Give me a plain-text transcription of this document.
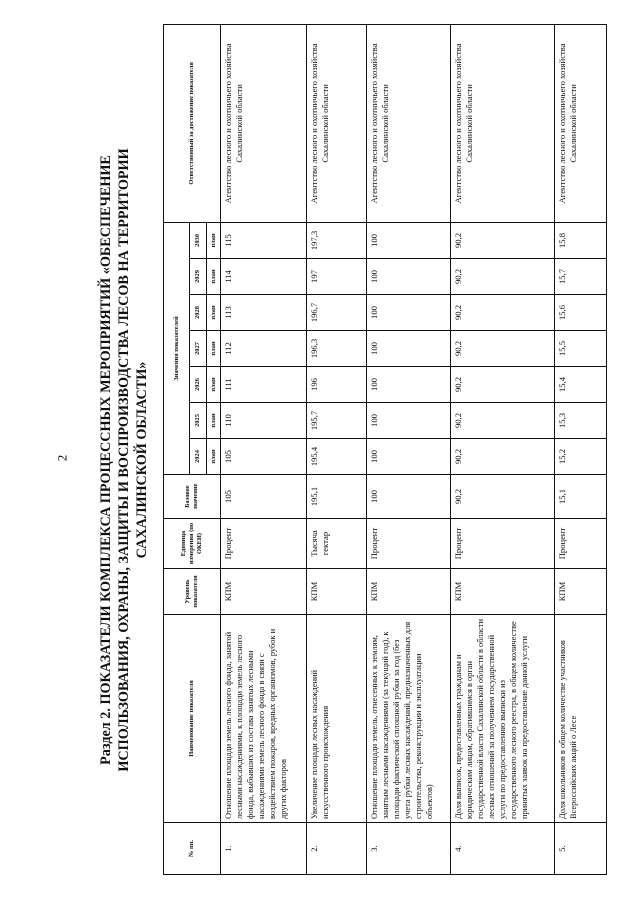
2 Раздел 2. ПОКАЗАТЕЛИ КОМПЛЕКСА ПРОЦЕССНЫХ МЕРОПРИЯТИЙ «ОБЕСПЕЧЕНИЕ ИСПОЛЬЗОВАНИЯ, ОХРАНЫ, ЗАЩИТЫ И ВОСПРОИЗВОДСТВА ЛЕСОВ НА ТЕРРИТОРИИ САХАЛИНСКОЙ ОБЛАСТИ»
№ пп.	Наименование показателя	Уровень показателя	Единица измерения (по ОКЕИ)	Базовое значение	Значения показателей							Ответственный за достижение показателя
					2024	2025	2026	2027	2028	2029	2030	
					план	план	план	план	план	план	план	
1.	Отношение площади земель лесного фонда, занятой лесными насаждениями, к площади земель лесного фонда, выбывших из состава занятых лесными насаждениями земель лесного фонда в связи с воздействием пожаров, вредных организмов, рубок и других факторов	КПМ	Процент	105	105	110	111	112	113	114	115	Агентство лесного и охотничьего хозяйства Сахалинской области
2.	Увеличение площади лесных насаждений искусственного происхождения	КПМ	Тысяча гектар	195,1	195,4	195,7	196	196,3	196,7	197	197,3	Агентство лесного и охотничьего хозяйства Сахалинской области
3.	Отношение площади земель, отнесенных к землям, занятым лесными насаждениями (за текущий год), к площади фактической сплошной рубки за год (без учета рубки лесных насаждений, предназначенных для строительства, реконструкции и эксплуатации объектов)	КПМ	Процент	100	100	100	100	100	100	100	100	Агентство лесного и охотничьего хозяйства Сахалинской области
4.	Доля выписок, предоставленных гражданам и юридическим лицам, обратившимся в орган государственной власти Сахалинской области в области лесных отношений за получением государственной услуги по предоставлению выписки из государственного лесного реестра, в общем количестве принятых заявок на предоставление данной услуги	КПМ	Процент	90,2	90,2	90,2	90,2	90,2	90,2	90,2	90,2	Агентство лесного и охотничьего хозяйства Сахалинской области
5.	Доля школьников в общем количестве участников Всероссийских акций о Лесе	КПМ	Процент	15,1	15,2	15,3	15,4	15,5	15,6	15,7	15,8	Агентство лесного и охотничьего хозяйства Сахалинской области
